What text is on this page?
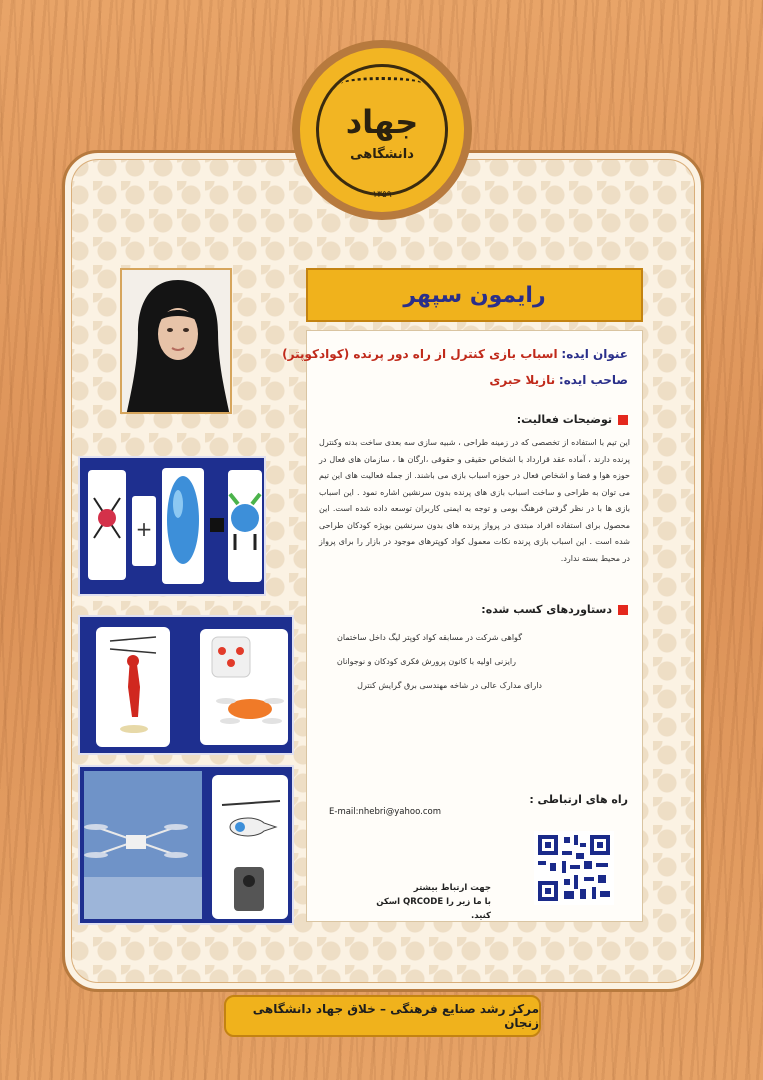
جهاد
دانشگاهی
۱۳۵۹
رایمون سپهر
عنوان ایده: اسباب بازی کنترل از راه دور پرنده (کوادکوپتر)
صاحب ایده: نازیلا حبری
توضیحات فعالیت:
این تیم با استفاده از تخصصی که در زمینه طراحی ، شبیه سازی سه بعدی ساخت بدنه وکنترل پرنده دارند ، آماده عقد قرارداد با اشخاص حقیقی و حقوقی ،ارگان ها ، سازمان های فعال در حوزه هوا و فضا و اشخاص فعال در حوزه اسباب بازی می باشند. از جمله فعالیت های این تیم می توان به طراحی و ساخت اسباب بازی های پرنده بدون سرنشین اشاره نمود . این اسباب بازی ها با در نظر گرفتن فرهنگ بومی و توجه به ایمنی کاربران توسعه داده شده است. این محصول برای استفاده افراد مبتدی در پرواز پرنده های بدون سرنشین بویژه کودکان طراحی شده است . این اسباب بازی پرنده نکات معمول کواد کوپترهای موجود در بازار را برای پرواز در محیط بسته ندارد.
دستاوردهای کسب شده:
گواهی شرکت در مسابقه کواد کوپتر لیگ داخل ساختمان
رایزنی اولیه با کانون پرورش فکری کودکان و نوجوانان
دارای مدارک عالی در شاخه مهندسی برق گرایش کنترل
راه های ارتباطی :
E-mail:nhebri@yahoo.com
جهت ارتباط بیشتر
با ما زیر را QRCODE اسکن کنید.
+
مرکز رشد صنایع فرهنگی – خلاق جهاد دانشگاهی زنجان
